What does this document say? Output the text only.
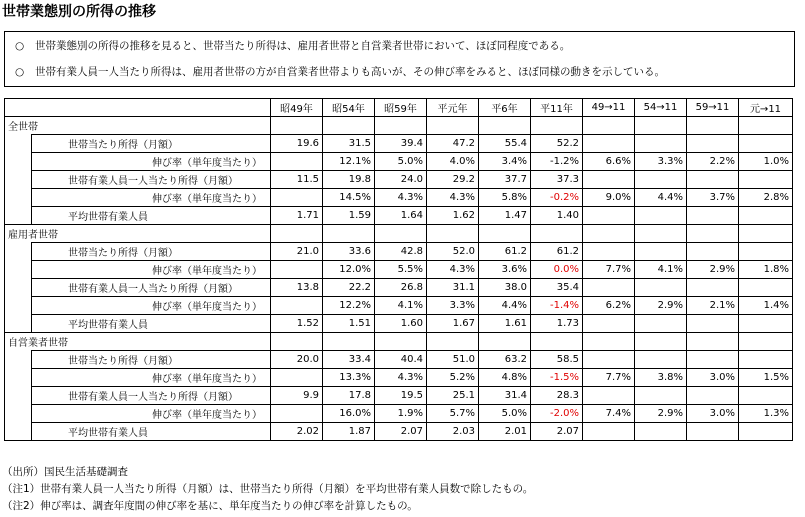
世帯業態別の所得の推移
○ 世帯業態別の所得の推移を見ると、世帯当たり所得は、雇用者世帯と自営業者世帯において、ほぼ同程度である。
○ 世帯有業人員一人当たり所得は、雇用者世帯の方が自営業者世帯よりも高いが、その伸び率をみると、ほぼ同様の動きを示している。
		昭49年	昭54年	昭59年	平元年	平6年	平11年	49→11	54→11	59→11	元→11
全世帯											
	世帯当たり所得（月額）	19.6	31.5	39.4	47.2	55.4	52.2				
	伸び率（単年度当たり）		12.1%	5.0%	4.0%	3.4%	-1.2%	6.6%	3.3%	2.2%	1.0%
	世帯有業人員一人当たり所得（月額）	11.5	19.8	24.0	29.2	37.7	37.3				
	伸び率（単年度当たり）		14.5%	4.3%	4.3%	5.8%	-0.2%	9.0%	4.4%	3.7%	2.8%
	平均世帯有業人員	1.71	1.59	1.64	1.62	1.47	1.40				
雇用者世帯											
	世帯当たり所得（月額）	21.0	33.6	42.8	52.0	61.2	61.2				
	伸び率（単年度当たり）		12.0%	5.5%	4.3%	3.6%	0.0%	7.7%	4.1%	2.9%	1.8%
	世帯有業人員一人当たり所得（月額）	13.8	22.2	26.8	31.1	38.0	35.4				
	伸び率（単年度当たり）		12.2%	4.1%	3.3%	4.4%	-1.4%	6.2%	2.9%	2.1%	1.4%
	平均世帯有業人員	1.52	1.51	1.60	1.67	1.61	1.73				
自営業者世帯											
	世帯当たり所得（月額）	20.0	33.4	40.4	51.0	63.2	58.5				
	伸び率（単年度当たり）		13.3%	4.3%	5.2%	4.8%	-1.5%	7.7%	3.8%	3.0%	1.5%
	世帯有業人員一人当たり所得（月額）	9.9	17.8	19.5	25.1	31.4	28.3				
	伸び率（単年度当たり）		16.0%	1.9%	5.7%	5.0%	-2.0%	7.4%	2.9%	3.0%	1.3%
	平均世帯有業人員	2.02	1.87	2.07	2.03	2.01	2.07				
（出所）国民生活基礎調査
（注1）世帯有業人員一人当たり所得（月額）は、世帯当たり所得（月額）を平均世帯有業人員数で除したもの。
（注2）伸び率は、調査年度間の伸び率を基に、単年度当たりの伸び率を計算したもの。
